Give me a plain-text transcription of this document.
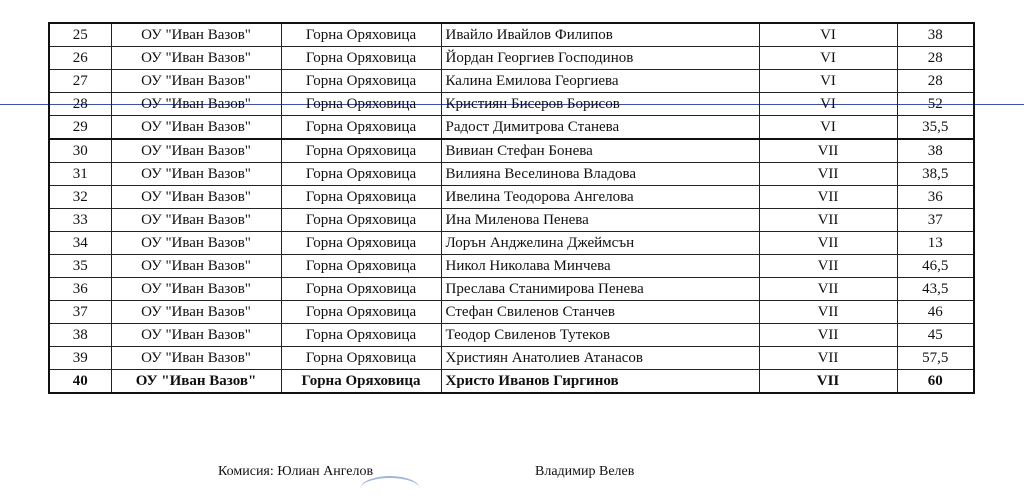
25	ОУ "Иван Вазов"	Горна Оряховица	Ивайло Ивайлов Филипов	VI	38
26	ОУ "Иван Вазов"	Горна Оряховица	Йордан Георгиев Господинов	VI	28
27	ОУ "Иван Вазов"	Горна Оряховица	Калина Емилова Георгиева	VI	28
28	ОУ "Иван Вазов"	Горна Оряховица	Кристиян Бисеров Борисов	VI	52
29	ОУ "Иван Вазов"	Горна Оряховица	Радост Димитрова Станева	VI	35,5
30	ОУ "Иван Вазов"	Горна Оряховица	Вивиан Стефан Бонева	VII	38
31	ОУ "Иван Вазов"	Горна Оряховица	Вилияна Веселинова Владова	VII	38,5
32	ОУ "Иван Вазов"	Горна Оряховица	Ивелина Теодорова Ангелова	VII	36
33	ОУ "Иван Вазов"	Горна Оряховица	Ина Миленова Пенева	VII	37
34	ОУ "Иван Вазов"	Горна Оряховица	Лорън Анджелина Джеймсън	VII	13
35	ОУ "Иван Вазов"	Горна Оряховица	Никол Николава Минчева	VII	46,5
36	ОУ "Иван Вазов"	Горна Оряховица	Преслава Станимирова Пенева	VII	43,5
37	ОУ "Иван Вазов"	Горна Оряховица	Стефан Свиленов Станчев	VII	46
38	ОУ "Иван Вазов"	Горна Оряховица	Теодор Свиленов Тутеков	VII	45
39	ОУ "Иван Вазов"	Горна Оряховица	Християн Анатолиев Атанасов	VII	57,5
40	ОУ "Иван Вазов"	Горна Оряховица	Христо Иванов Гиргинов	VII	60
Комисия: Юлиан Ангелов	Владимир Велев
